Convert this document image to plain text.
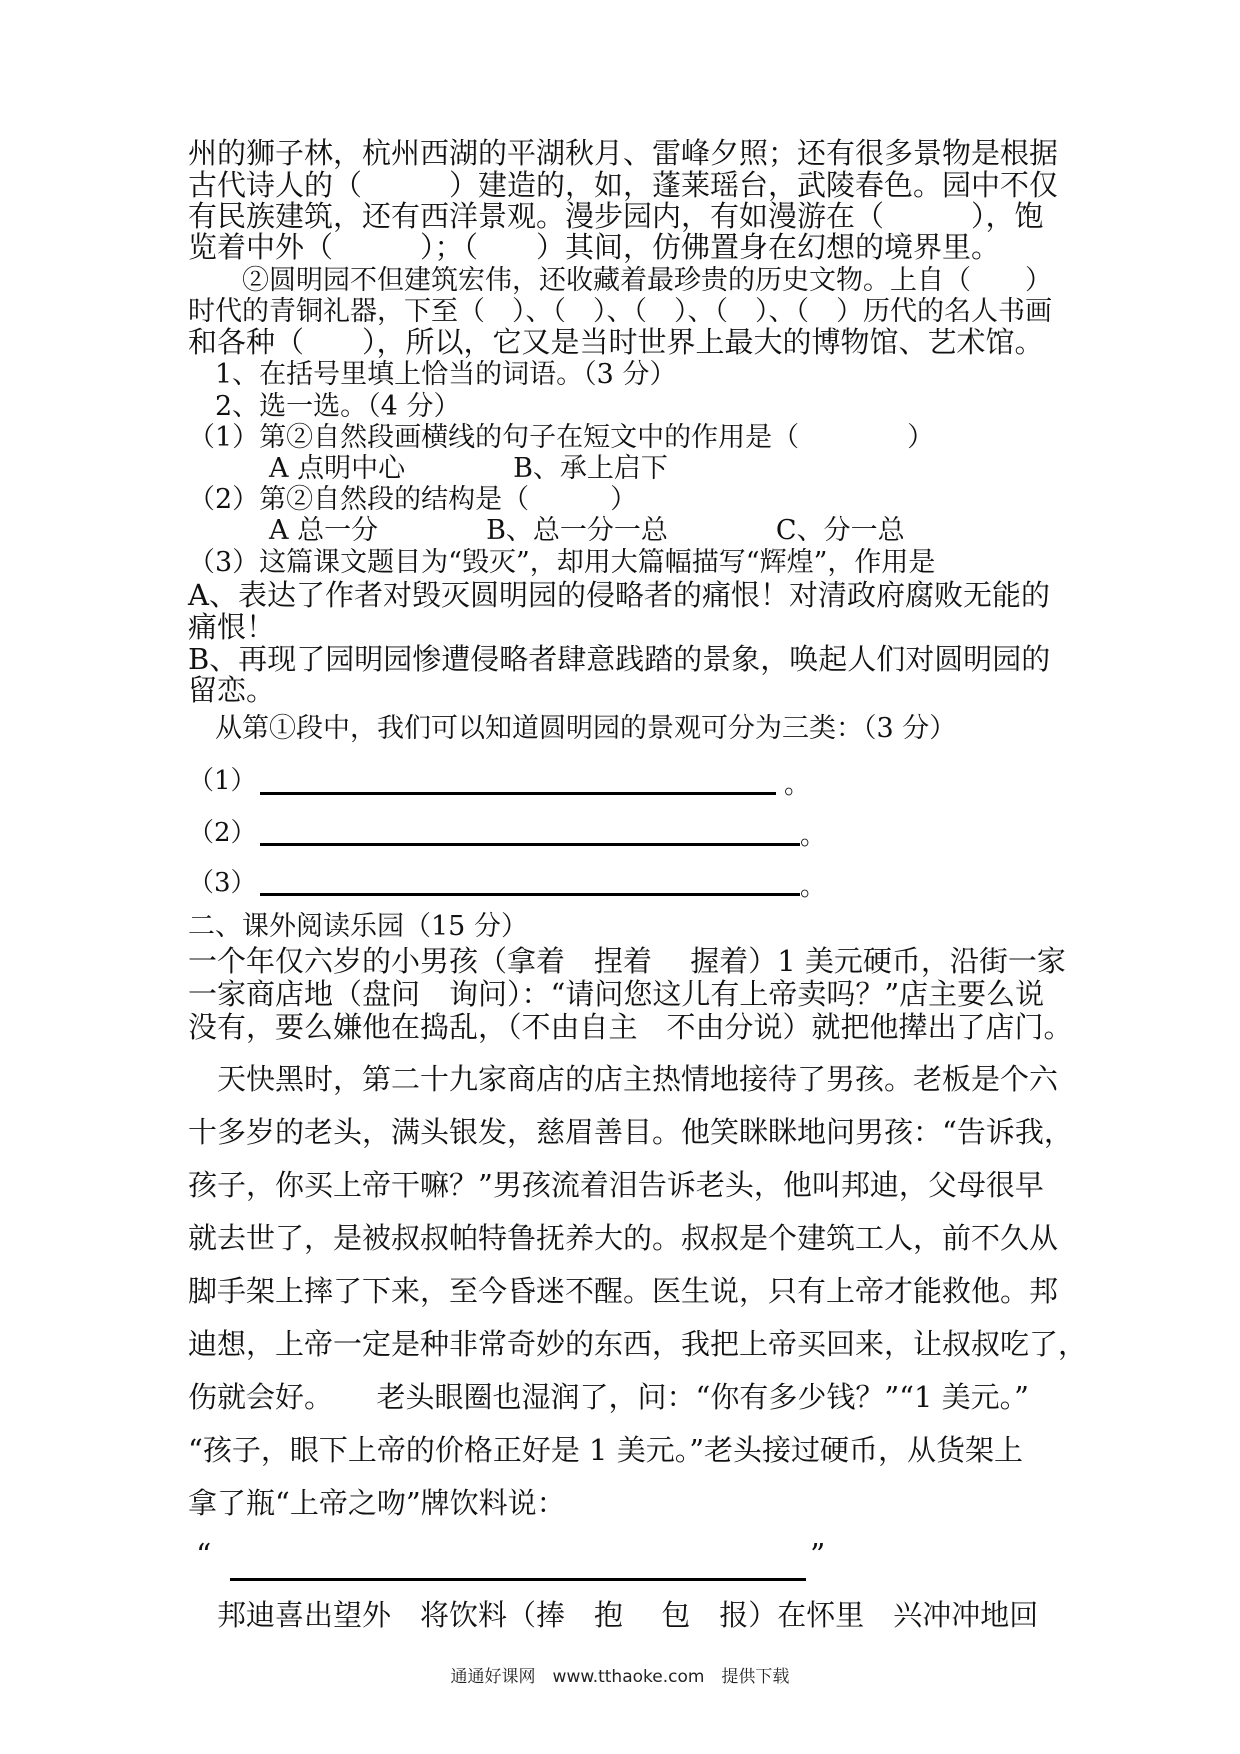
州的狮子林，杭州西湖的平湖秋月、雷峰夕照；还有很多景物是根据
古代诗人的（　　　）建造的，如，蓬莱瑶台，武陵春色。园中不仅
有民族建筑，还有西洋景观。漫步园内，有如漫游在（　　　），饱
览着中外（　　　）；（　　）其间，仿佛置身在幻想的境界里。
　　②圆明园不但建筑宏伟，还收藏着最珍贵的历史文物。上自（　　）
时代的青铜礼器，下至（　）、（　）、（　）、（　）、（　）历代的名人书画
和各种（　　），所以，它又是当时世界上最大的博物馆、艺术馆。
　1、在括号里填上恰当的词语。（3 分）
　2、选一选。（4 分）
（1）第②自然段画横线的句子在短文中的作用是（　　　　）
　　　A 点明中心　　　　B、承上启下
（2）第②自然段的结构是（　　　）
　　　A 总一分　　　　B、总一分一总　　　　C、分一总
（3）这篇课文题目为“毁灭”，却用大篇幅描写“辉煌”，作用是
A、表达了作者对毁灭圆明园的侵略者的痛恨！对清政府腐败无能的
痛恨！
B、再现了园明园惨遭侵略者肆意践踏的景象，唤起人们对圆明园的
留恋。
　从第①段中，我们可以知道圆明园的景观可分为三类：（3 分）
（1）	。
（2）	。
（3）	。
二、课外阅读乐园（15 分）
一个年仅六岁的小男孩（拿着　捏着　 握着）1 美元硬币，沿街一家
一家商店地（盘问　询问）：“请问您这儿有上帝卖吗？”店主要么说
没有，要么嫌他在捣乱，（不由自主　不由分说）就把他撵出了店门。
　天快黑时，第二十九家商店的店主热情地接待了男孩。老板是个六
十多岁的老头，满头银发，慈眉善目。他笑眯眯地问男孩：“告诉我，
孩子，你买上帝干嘛？”男孩流着泪告诉老头，他叫邦迪，父母很早
就去世了，是被叔叔帕特鲁抚养大的。叔叔是个建筑工人，前不久从
脚手架上摔了下来，至今昏迷不醒。医生说，只有上帝才能救他。邦
迪想，上帝一定是种非常奇妙的东西，我把上帝买回来，让叔叔吃了，
伤就会好。　　老头眼圈也湿润了，问：“你有多少钱？”“1 美元。”
“孩子，眼下上帝的价格正好是 1 美元。”老头接过硬币，从货架上
拿了瓶“上帝之吻”牌饮料说：
“	”
　邦迪喜出望外　将饮料（捧　抱　 包　报）在怀里　兴冲冲地回
通通好课网　www.tthaoke.com　提供下载
